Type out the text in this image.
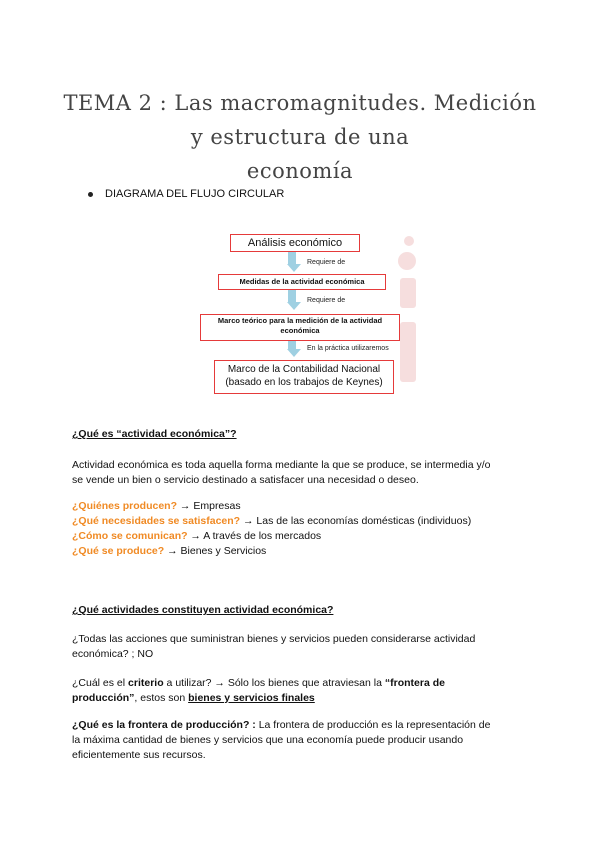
TEMA 2 : Las macromagnitudes. Medición y estructura de una
economía
DIAGRAMA DEL FLUJO CIRCULAR
Análisis económico
Requiere de
Medidas de la actividad económica
Requiere de
Marco teórico para la medición de la actividad
económica
En la práctica utilizaremos
Marco de la Contabilidad Nacional
(basado en los trabajos de Keynes)
¿Qué es “actividad económica”?
Actividad económica es toda aquella forma mediante la que se produce, se intermedia y/o
se vende un bien o servicio destinado a satisfacer una necesidad o deseo.
¿Quiénes producen? → Empresas
¿Qué necesidades se satisfacen? → Las de las economías domésticas (individuos)
¿Cómo se comunican? → A través de los mercados
¿Qué se produce? → Bienes y Servicios
¿Qué actividades constituyen actividad económica?
¿Todas las acciones que suministran bienes y servicios pueden considerarse actividad
económica? ; NO
¿Cuál es el criterio a utilizar? → Sólo los bienes que atraviesan la “frontera de
producción”, estos son bienes y servicios finales
¿Qué es la frontera de producción? : La frontera de producción es la representación de
la máxima cantidad de bienes y servicios que una economía puede producir usando
eficientemente sus recursos.
